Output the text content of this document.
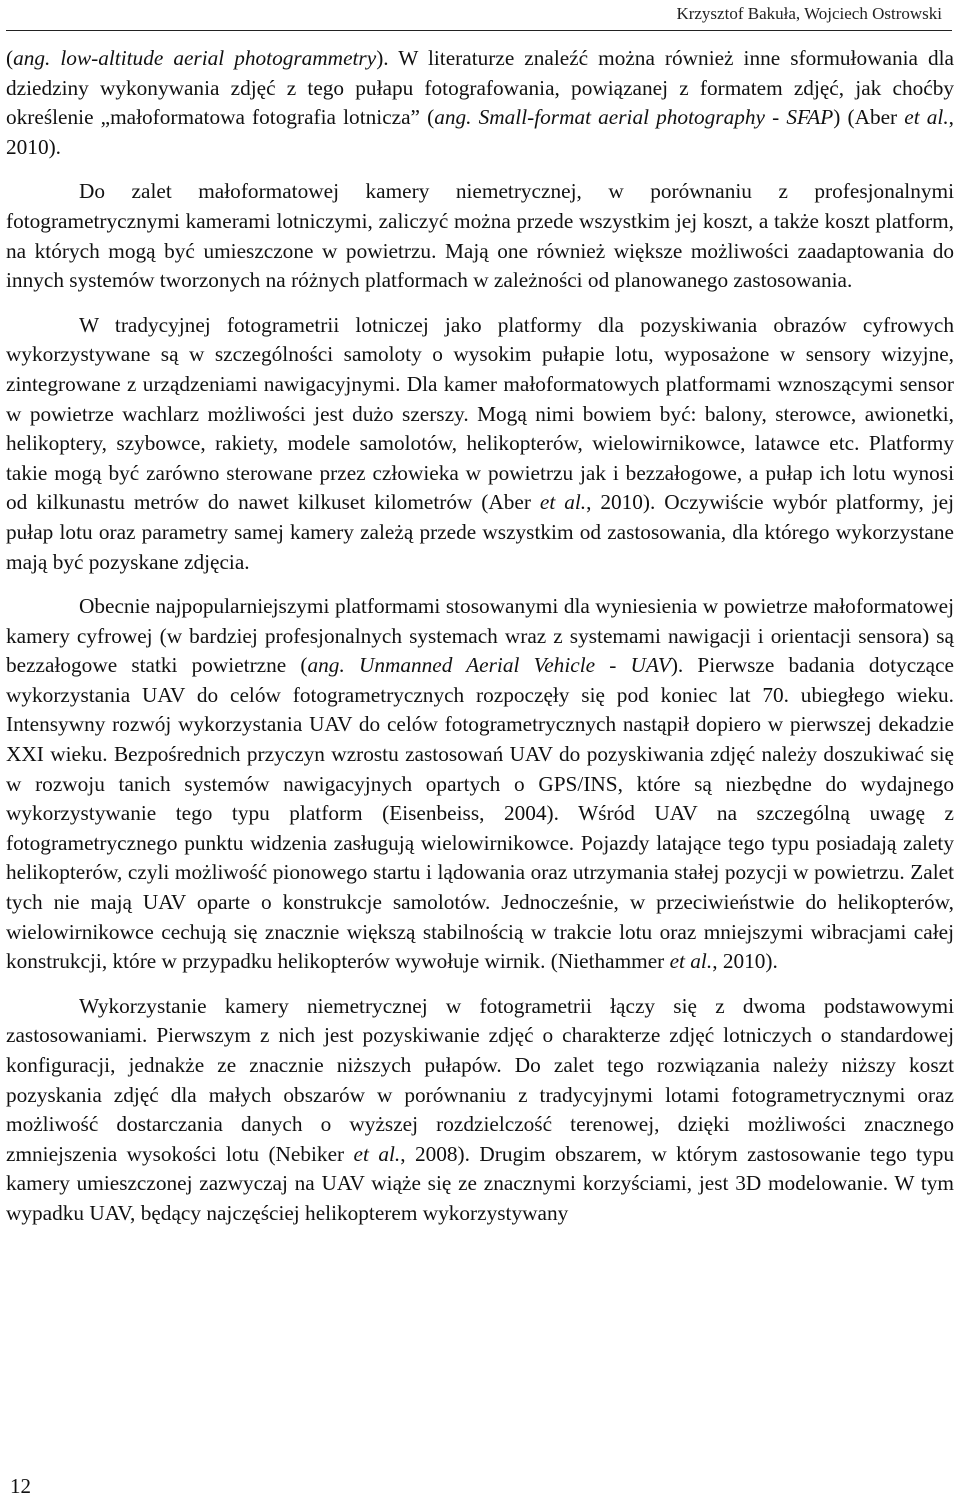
Krzysztof Bakuła, Wojciech Ostrowski

(ang. low-altitude aerial photogrammetry). W literaturze znaleźć można również inne sformułowania dla dziedziny wykonywania zdjęć z tego pułapu fotografowania, powiązanej z formatem zdjęć, jak choćby określenie „małoformatowa fotografia lotnicza” (ang. Small-format aerial photography - SFAP) (Aber et al., 2010).

Do zalet małoformatowej kamery niemetrycznej, w porównaniu z profesjonalnymi fotogrametrycznymi kamerami lotniczymi, zaliczyć można przede wszystkim jej koszt, a także koszt platform, na których mogą być umieszczone w powietrzu. Mają one również większe możliwości zaadaptowania do innych systemów tworzonych na różnych platformach w zależności od planowanego zastosowania.

W tradycyjnej fotogrametrii lotniczej jako platformy dla pozyskiwania obrazów cyfrowych wykorzystywane są w szczególności samoloty o wysokim pułapie lotu, wyposażone w sensory wizyjne, zintegrowane z urządzeniami nawigacyjnymi. Dla kamer małoformatowych platformami wznoszącymi sensor w powietrze wachlarz możliwości jest dużo szerszy. Mogą nimi bowiem być: balony, sterowce, awionetki, helikoptery, szybowce, rakiety, modele samolotów, helikopterów, wielowirnikowce, latawce etc. Platformy takie mogą być zarówno sterowane przez człowieka w powietrzu jak i bezzałogowe, a pułap ich lotu wynosi od kilkunastu metrów do nawet kilkuset kilometrów (Aber et al., 2010). Oczywiście wybór platformy, jej pułap lotu oraz parametry samej kamery zależą przede wszystkim od zastosowania, dla którego wykorzystane mają być pozyskane zdjęcia.

Obecnie najpopularniejszymi platformami stosowanymi dla wyniesienia w powietrze małoformatowej kamery cyfrowej (w bardziej profesjonalnych systemach wraz z systemami nawigacji i orientacji sensora) są bezzałogowe statki powietrzne (ang. Unmanned Aerial Vehicle - UAV). Pierwsze badania dotyczące wykorzystania UAV do celów fotogrametrycznych rozpoczęły się pod koniec lat 70. ubiegłego wieku. Intensywny rozwój wykorzystania UAV do celów fotogrametrycznych nastąpił dopiero w pierwszej dekadzie XXI wieku. Bezpośrednich przyczyn wzrostu zastosowań UAV do pozyskiwania zdjęć należy doszukiwać się w rozwoju tanich systemów nawigacyjnych opartych o GPS/INS, które są niezbędne do wydajnego wykorzystywanie tego typu platform (Eisenbeiss, 2004). Wśród UAV na szczególną uwagę z fotogrametrycznego punktu widzenia zasługują wielowirnikowce. Pojazdy latające tego typu posiadają zalety helikopterów, czyli możliwość pionowego startu i lądowania oraz utrzymania stałej pozycji w powietrzu. Zalet tych nie mają UAV oparte o konstrukcje samolotów. Jednocześnie, w przeciwieństwie do helikopterów, wielowirnikowce cechują się znacznie większą stabilnością w trakcie lotu oraz mniejszymi wibracjami całej konstrukcji, które w przypadku helikopterów wywołuje wirnik. (Niethammer et al., 2010).

Wykorzystanie kamery niemetrycznej w fotogrametrii łączy się z dwoma podstawowymi zastosowaniami. Pierwszym z nich jest pozyskiwanie zdjęć o charakterze zdjęć lotniczych o standardowej konfiguracji, jednakże ze znacznie niższych pułapów. Do zalet tego rozwiązania należy niższy koszt pozyskania zdjęć dla małych obszarów w porównaniu z tradycyjnymi lotami fotogrametrycznymi oraz możliwość dostarczania danych o wyższej rozdzielczość terenowej, dzięki możliwości znacznego zmniejszenia wysokości lotu (Nebiker et al., 2008). Drugim obszarem, w którym zastosowanie tego typu kamery umieszczonej zazwyczaj na UAV wiąże się ze znacznymi korzyściami, jest 3D modelowanie. W tym wypadku UAV, będący najczęściej helikopterem wykorzystywany

12
